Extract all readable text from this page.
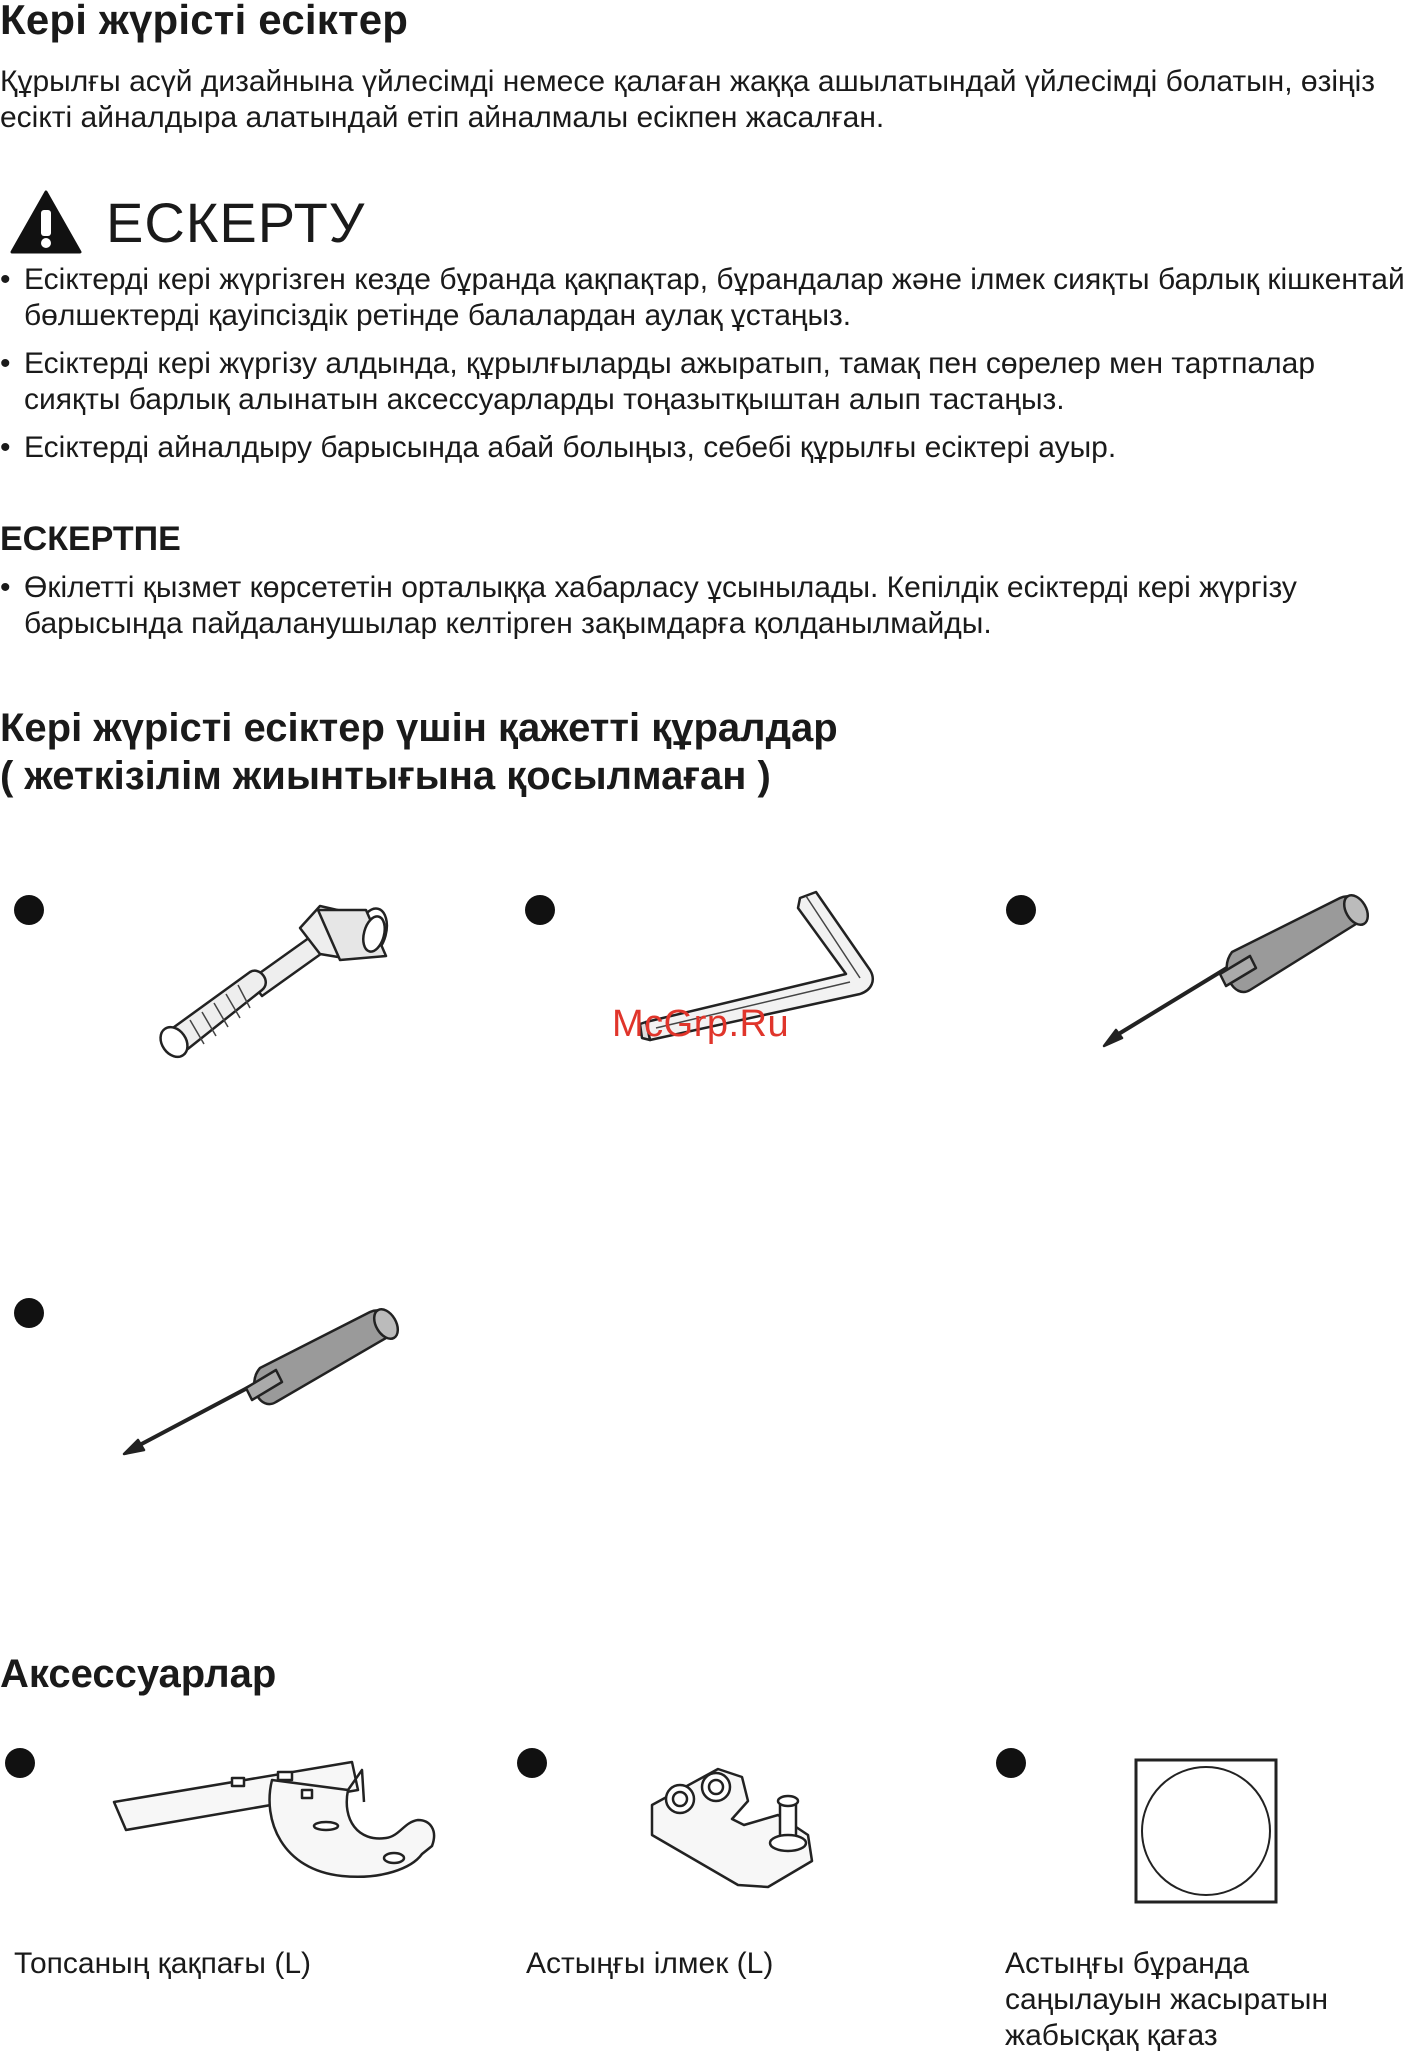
Кері жүрісті есіктер

Құрылғы асүй дизайнына үйлесімді немесе қалаған жаққа ашылатындай үйлесімді болатын, өзіңіз есікті айналдыра алатындай етіп айналмалы есікпен жасалған.

ЕСКЕРТУ
• Есіктерді кері жүргізген кезде бұранда қақпақтар, бұрандалар және ілмек сияқты барлық кішкентай бөлшектерді қауіпсіздік ретінде балалардан аулақ ұстаңыз.
• Есіктерді кері жүргізу алдында, құрылғыларды ажыратып, тамақ пен сөрелер мен тартпалар сияқты барлық алынатын аксессуарларды тоңазытқыштан алып тастаңыз.
• Есіктерді айналдыру барысында абай болыңыз, себебі құрылғы есіктері ауыр.
ЕСКЕРТПЕ
• Өкілетті қызмет көрсететін орталыққа хабарласу ұсынылады. Кепілдік есіктерді кері жүргізу барысында пайдаланушылар келтірген зақымдарға қолданылмайды.
Кері жүрісті есіктер үшін қажетті құралдар
( жеткізілім жиынтығына қосылмаған )
McGrp.Ru
Аксессуарлар
Топсаның қақпағы (L)	Астыңғы ілмек (L)	Астыңғы бұранда саңылауын жасыратын жабысқақ қағаз
